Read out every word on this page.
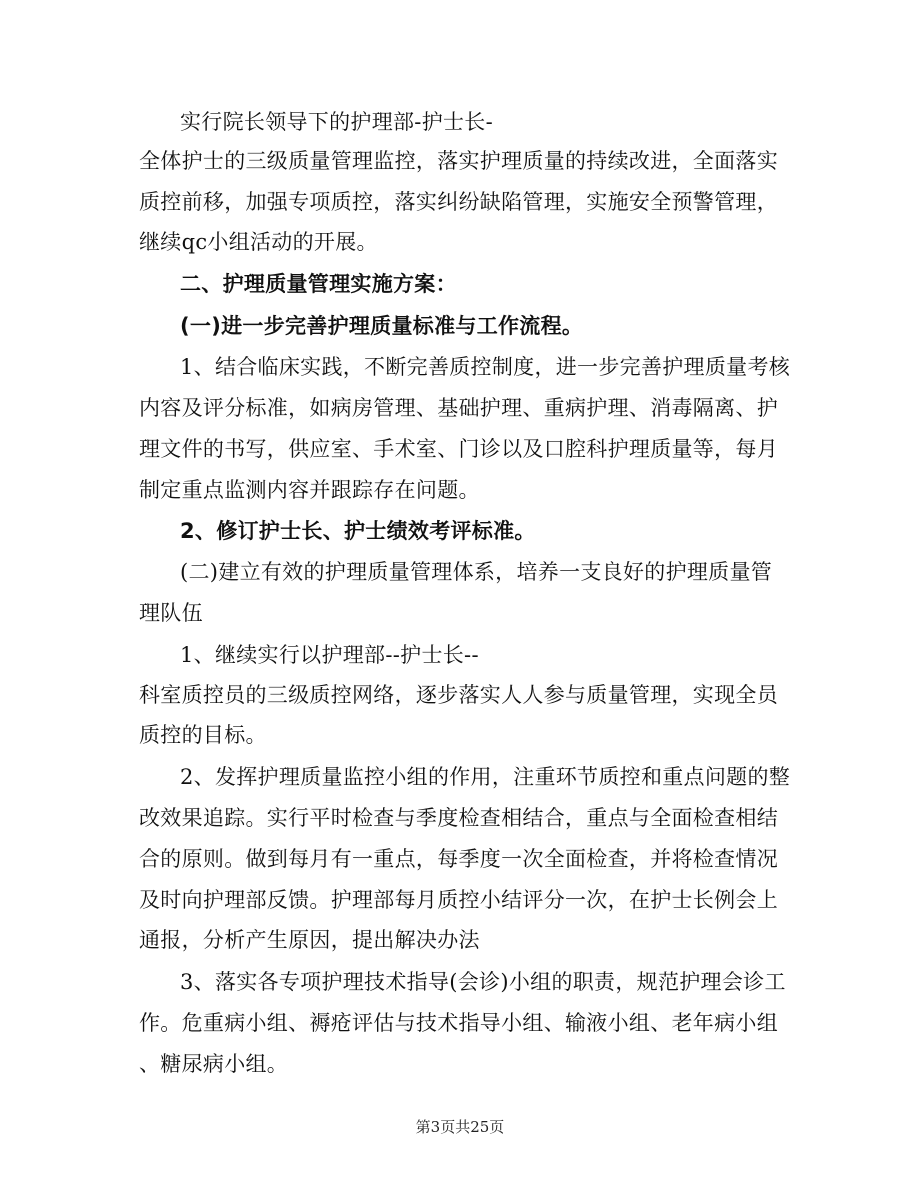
实行院长领导下的护理部-护士长-
全体护士的三级质量管理监控，落实护理质量的持续改进，全面落实
质控前移，加强专项质控，落实纠纷缺陷管理，实施安全预警管理，
继续qc小组活动的开展。
二、护理质量管理实施方案：
(一)进一步完善护理质量标准与工作流程。
1、结合临床实践，不断完善质控制度，进一步完善护理质量考核
内容及评分标准，如病房管理、基础护理、重病护理、消毒隔离、护
理文件的书写，供应室、手术室、门诊以及口腔科护理质量等，每月
制定重点监测内容并跟踪存在问题。
2、修订护士长、护士绩效考评标准。
(二)建立有效的护理质量管理体系，培养一支良好的护理质量管
理队伍
1、继续实行以护理部--护士长--
科室质控员的三级质控网络，逐步落实人人参与质量管理，实现全员
质控的目标。
2、发挥护理质量监控小组的作用，注重环节质控和重点问题的整
改效果追踪。实行平时检查与季度检查相结合，重点与全面检查相结
合的原则。做到每月有一重点，每季度一次全面检查，并将检查情况
及时向护理部反馈。护理部每月质控小结评分一次，在护士长例会上
通报，分析产生原因，提出解决办法
3、落实各专项护理技术指导(会诊)小组的职责，规范护理会诊工
作。危重病小组、褥疮评估与技术指导小组、输液小组、老年病小组
、糖尿病小组。
第3页共25页
